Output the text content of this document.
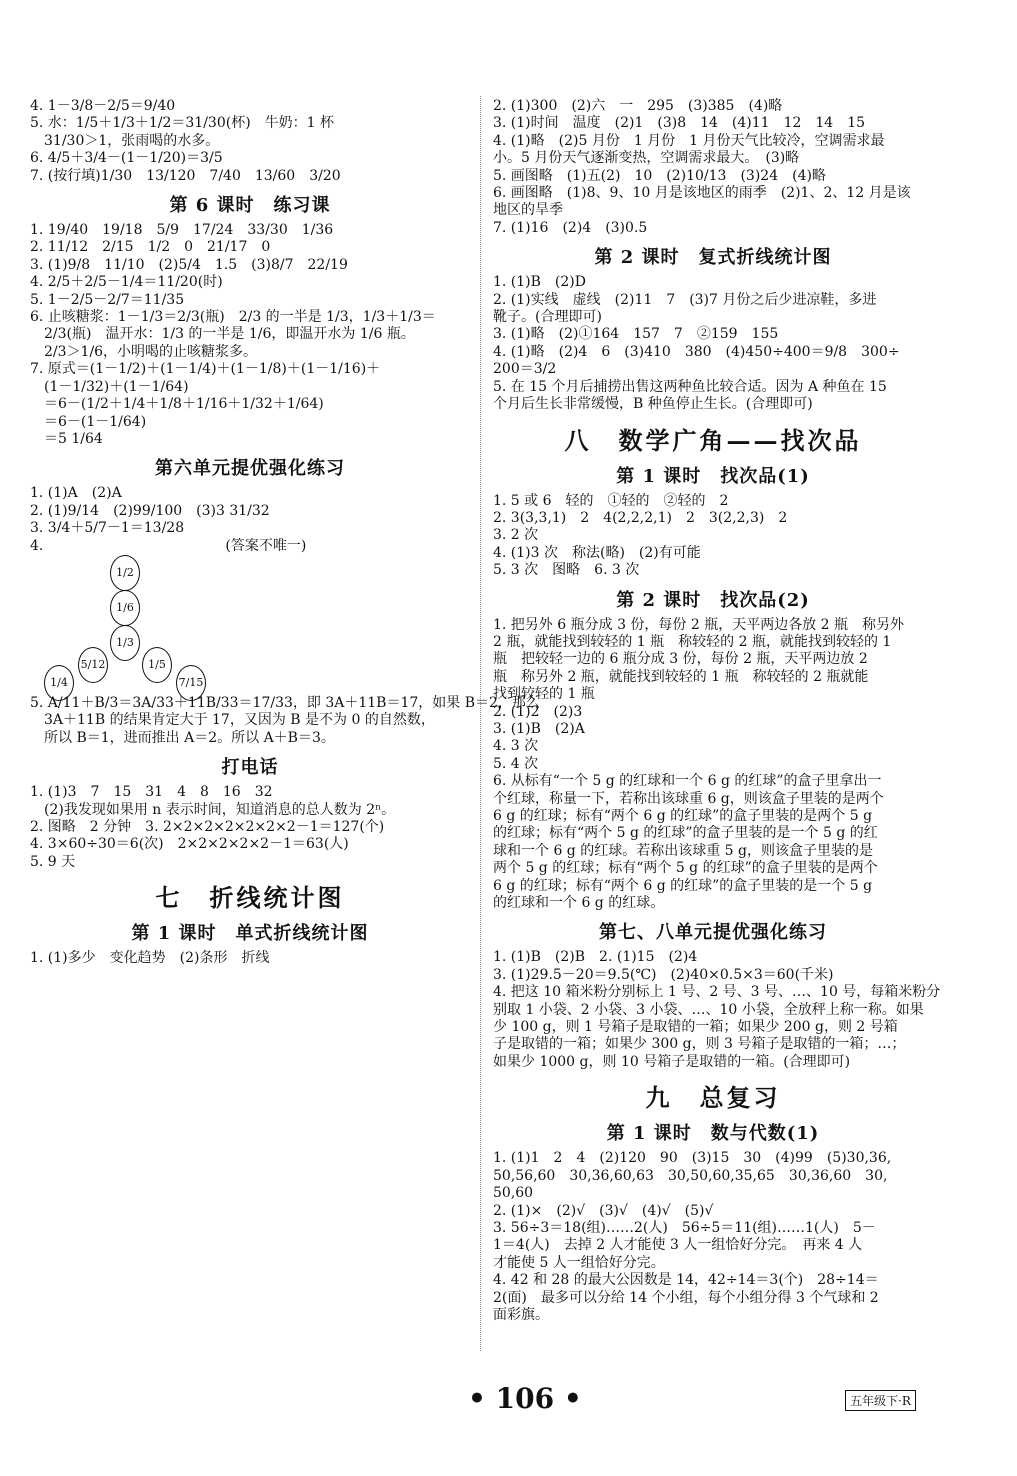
4. 1－3/8－2/5＝9/40
5. 水：1/5＋1/3＋1/2＝31/30(杯)　牛奶：1 杯
　31/30＞1，张雨喝的水多。
6. 4/5＋3/4－(1－1/20)＝3/5
7. (按行填)1/30　13/120　7/40　13/60　3/20
第 6 课时　练习课
1. 19/40　19/18　5/9　17/24　33/30　1/36
2. 11/12　2/15　1/2　0　21/17　0
3. (1)9/8　11/10　(2)5/4　1.5　(3)8/7　22/19
4. 2/5＋2/5－1/4＝11/20(时)
5. 1－2/5－2/7＝11/35
6. 止咳糖浆：1－1/3＝2/3(瓶)　2/3 的一半是 1/3，1/3＋1/3＝
　2/3(瓶)　温开水：1/3 的一半是 1/6，即温开水为 1/6 瓶。
　2/3＞1/6，小明喝的止咳糖浆多。
7. 原式＝(1－1/2)＋(1－1/4)＋(1－1/8)＋(1－1/16)＋
　(1－1/32)＋(1－1/64)
　＝6－(1/2＋1/4＋1/8＋1/16＋1/32＋1/64)
　＝6－(1－1/64)
　＝5 1/64
第六单元提优强化练习
1. (1)A　(2)A
2. (1)9/14　(2)99/100　(3)3 31/32
3. 3/4＋5/7－1＝13/28
4.　　　　　　　　　　　　　(答案不唯一)
1/2
1/6
1/3
5/12	1/5
1/4	7/15
5. A/11＋B/3＝3A/33＋11B/33＝17/33，即 3A＋11B＝17，如果 B＝2，那么
　3A＋11B 的结果肯定大于 17，又因为 B 是不为 0 的自然数，
　所以 B＝1，进而推出 A＝2。所以 A＋B＝3。
打电话
1. (1)3　7　15　31　4　8　16　32
　(2)我发现如果用 n 表示时间，知道消息的总人数为 2ⁿ。
2. 图略　2 分钟　3. 2×2×2×2×2×2×2－1＝127(个)
4. 3×60÷30＝6(次)　2×2×2×2×2－1＝63(人)
5. 9 天
七　折线统计图
第 1 课时　单式折线统计图
1. (1)多少　变化趋势　(2)条形　折线
2. (1)300　(2)六　一　295　(3)385　(4)略
3. (1)时间　温度　(2)1　(3)8　14　(4)11　12　14　15
4. (1)略　(2)5 月份　1 月份　1 月份天气比较冷，空调需求最
小。5 月份天气逐渐变热，空调需求最大。　(3)略
5. 画图略　(1)五(2)　10　(2)10/13　(3)24　(4)略
6. 画图略　(1)8、9、10 月是该地区的雨季　(2)1、2、12 月是该
地区的旱季
7. (1)16　(2)4　(3)0.5
第 2 课时　复式折线统计图
1. (1)B　(2)D
2. (1)实线　虚线　(2)11　7　(3)7 月份之后少进凉鞋，多进
靴子。(合理即可)
3. (1)略　(2)①164　157　7　②159　155
4. (1)略　(2)4　6　(3)410　380　(4)450÷400＝9/8　300÷
200＝3/2
5. 在 15 个月后捕捞出售这两种鱼比较合适。因为 A 种鱼在 15
个月后生长非常缓慢，B 种鱼停止生长。(合理即可)
八　数学广角——找次品
第 1 课时　找次品(1)
1. 5 或 6　轻的　①轻的　②轻的　2
2. 3(3,3,1)　2　4(2,2,2,1)　2　3(2,2,3)　2
3. 2 次
4. (1)3 次　称法(略)　(2)有可能
5. 3 次　图略　6. 3 次
第 2 课时　找次品(2)
1. 把另外 6 瓶分成 3 份，每份 2 瓶，天平两边各放 2 瓶　称另外
2 瓶，就能找到较轻的 1 瓶　称较轻的 2 瓶，就能找到较轻的 1
瓶　把较轻一边的 6 瓶分成 3 份，每份 2 瓶，天平两边放 2
瓶　称另外 2 瓶，就能找到较轻的 1 瓶　称较轻的 2 瓶就能
找到较轻的 1 瓶
2. (1)2　(2)3
3. (1)B　(2)A
4. 3 次
5. 4 次
6. 从标有“一个 5 g 的红球和一个 6 g 的红球”的盒子里拿出一
个红球，称量一下，若称出该球重 6 g，则该盒子里装的是两个
6 g 的红球；标有“两个 6 g 的红球”的盒子里装的是两个 5 g
的红球；标有“两个 5 g 的红球”的盒子里装的是一个 5 g 的红
球和一个 6 g 的红球。若称出该球重 5 g，则该盒子里装的是
两个 5 g 的红球；标有“两个 5 g 的红球”的盒子里装的是两个
6 g 的红球；标有“两个 6 g 的红球”的盒子里装的是一个 5 g
的红球和一个 6 g 的红球。
第七、八单元提优强化练习
1. (1)B　(2)B　2. (1)15　(2)4
3. (1)29.5－20＝9.5(℃)　(2)40×0.5×3＝60(千米)
4. 把这 10 箱米粉分别标上 1 号、2 号、3 号、…、10 号，每箱米粉分
别取 1 小袋、2 小袋、3 小袋、…、10 小袋，全放秤上称一称。如果
少 100 g，则 1 号箱子是取错的一箱；如果少 200 g，则 2 号箱
子是取错的一箱；如果少 300 g，则 3 号箱子是取错的一箱；…；
如果少 1000 g，则 10 号箱子是取错的一箱。(合理即可)
九　总复习
第 1 课时　数与代数(1)
1. (1)1　2　4　(2)120　90　(3)15　30　(4)99　(5)30,36,
50,56,60　30,36,60,63　30,50,60,35,65　30,36,60　30,
50,60
2. (1)×　(2)√　(3)√　(4)√　(5)√
3. 56÷3＝18(组)……2(人)　56÷5＝11(组)……1(人)　5－
1＝4(人)　去掉 2 人才能使 3 人一组恰好分完。　再来 4 人
才能使 5 人一组恰好分完。
4. 42 和 28 的最大公因数是 14，42÷14＝3(个)　28÷14＝
2(面)　最多可以分给 14 个小组，每个小组分得 3 个气球和 2
面彩旗。
• 106 •	五年级下·R
